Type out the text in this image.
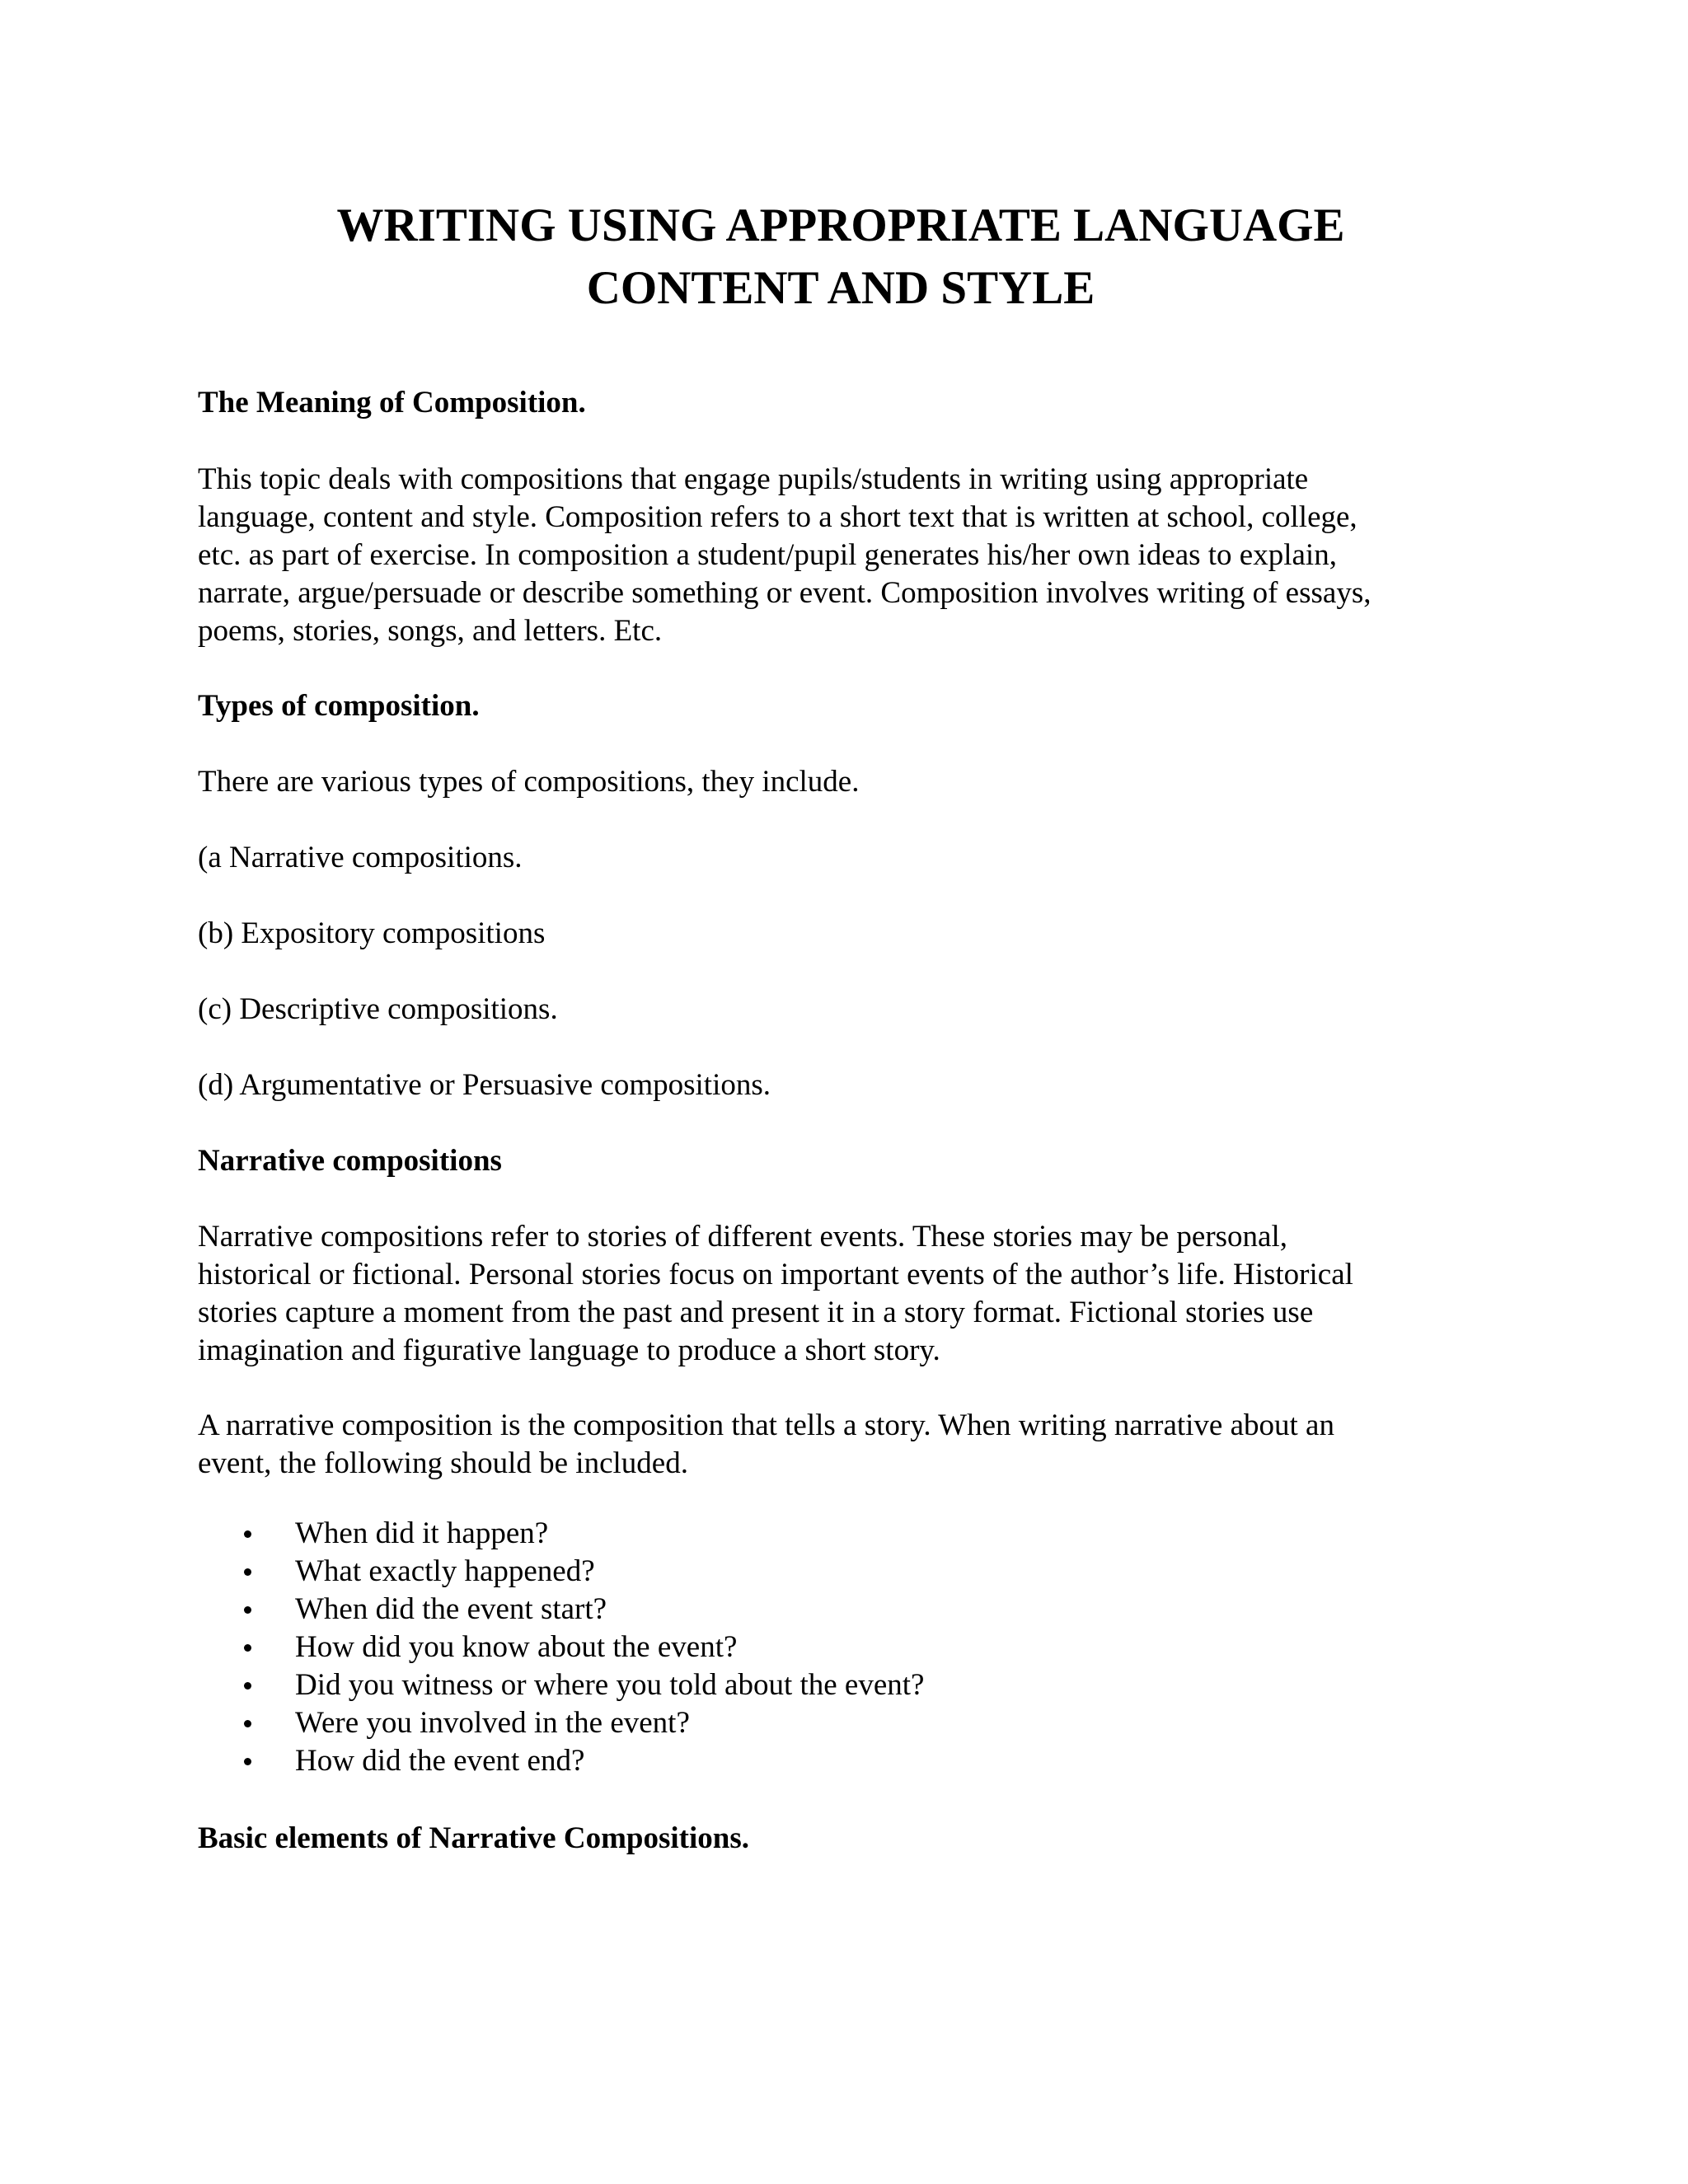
WRITING USING APPROPRIATE LANGUAGE
CONTENT AND STYLE
The Meaning of Composition.
This topic deals with compositions that engage pupils/students in writing using appropriate
language, content and style. Composition refers to a short text that is written at school, college,
etc. as part of exercise. In composition a student/pupil generates his/her own ideas to explain,
narrate, argue/persuade or describe something or event. Composition involves writing of essays,
poems, stories, songs, and letters. Etc.
Types of composition.

There are various types of compositions, they include.

(a Narrative compositions.

(b) Expository compositions

(c) Descriptive compositions.

(d) Argumentative or Persuasive compositions.

Narrative compositions
Narrative compositions refer to stories of different events. These stories may be personal,
historical or fictional. Personal stories focus on important events of the author’s life. Historical
stories capture a moment from the past and present it in a story format. Fictional stories use
imagination and figurative language to produce a short story.
A narrative composition is the composition that tells a story. When writing narrative about an
event, the following should be included.
When did it happen?
What exactly happened?
When did the event start?
How did you know about the event?
Did you witness or where you told about the event?
Were you involved in the event?
How did the event end?
Basic elements of Narrative Compositions.
